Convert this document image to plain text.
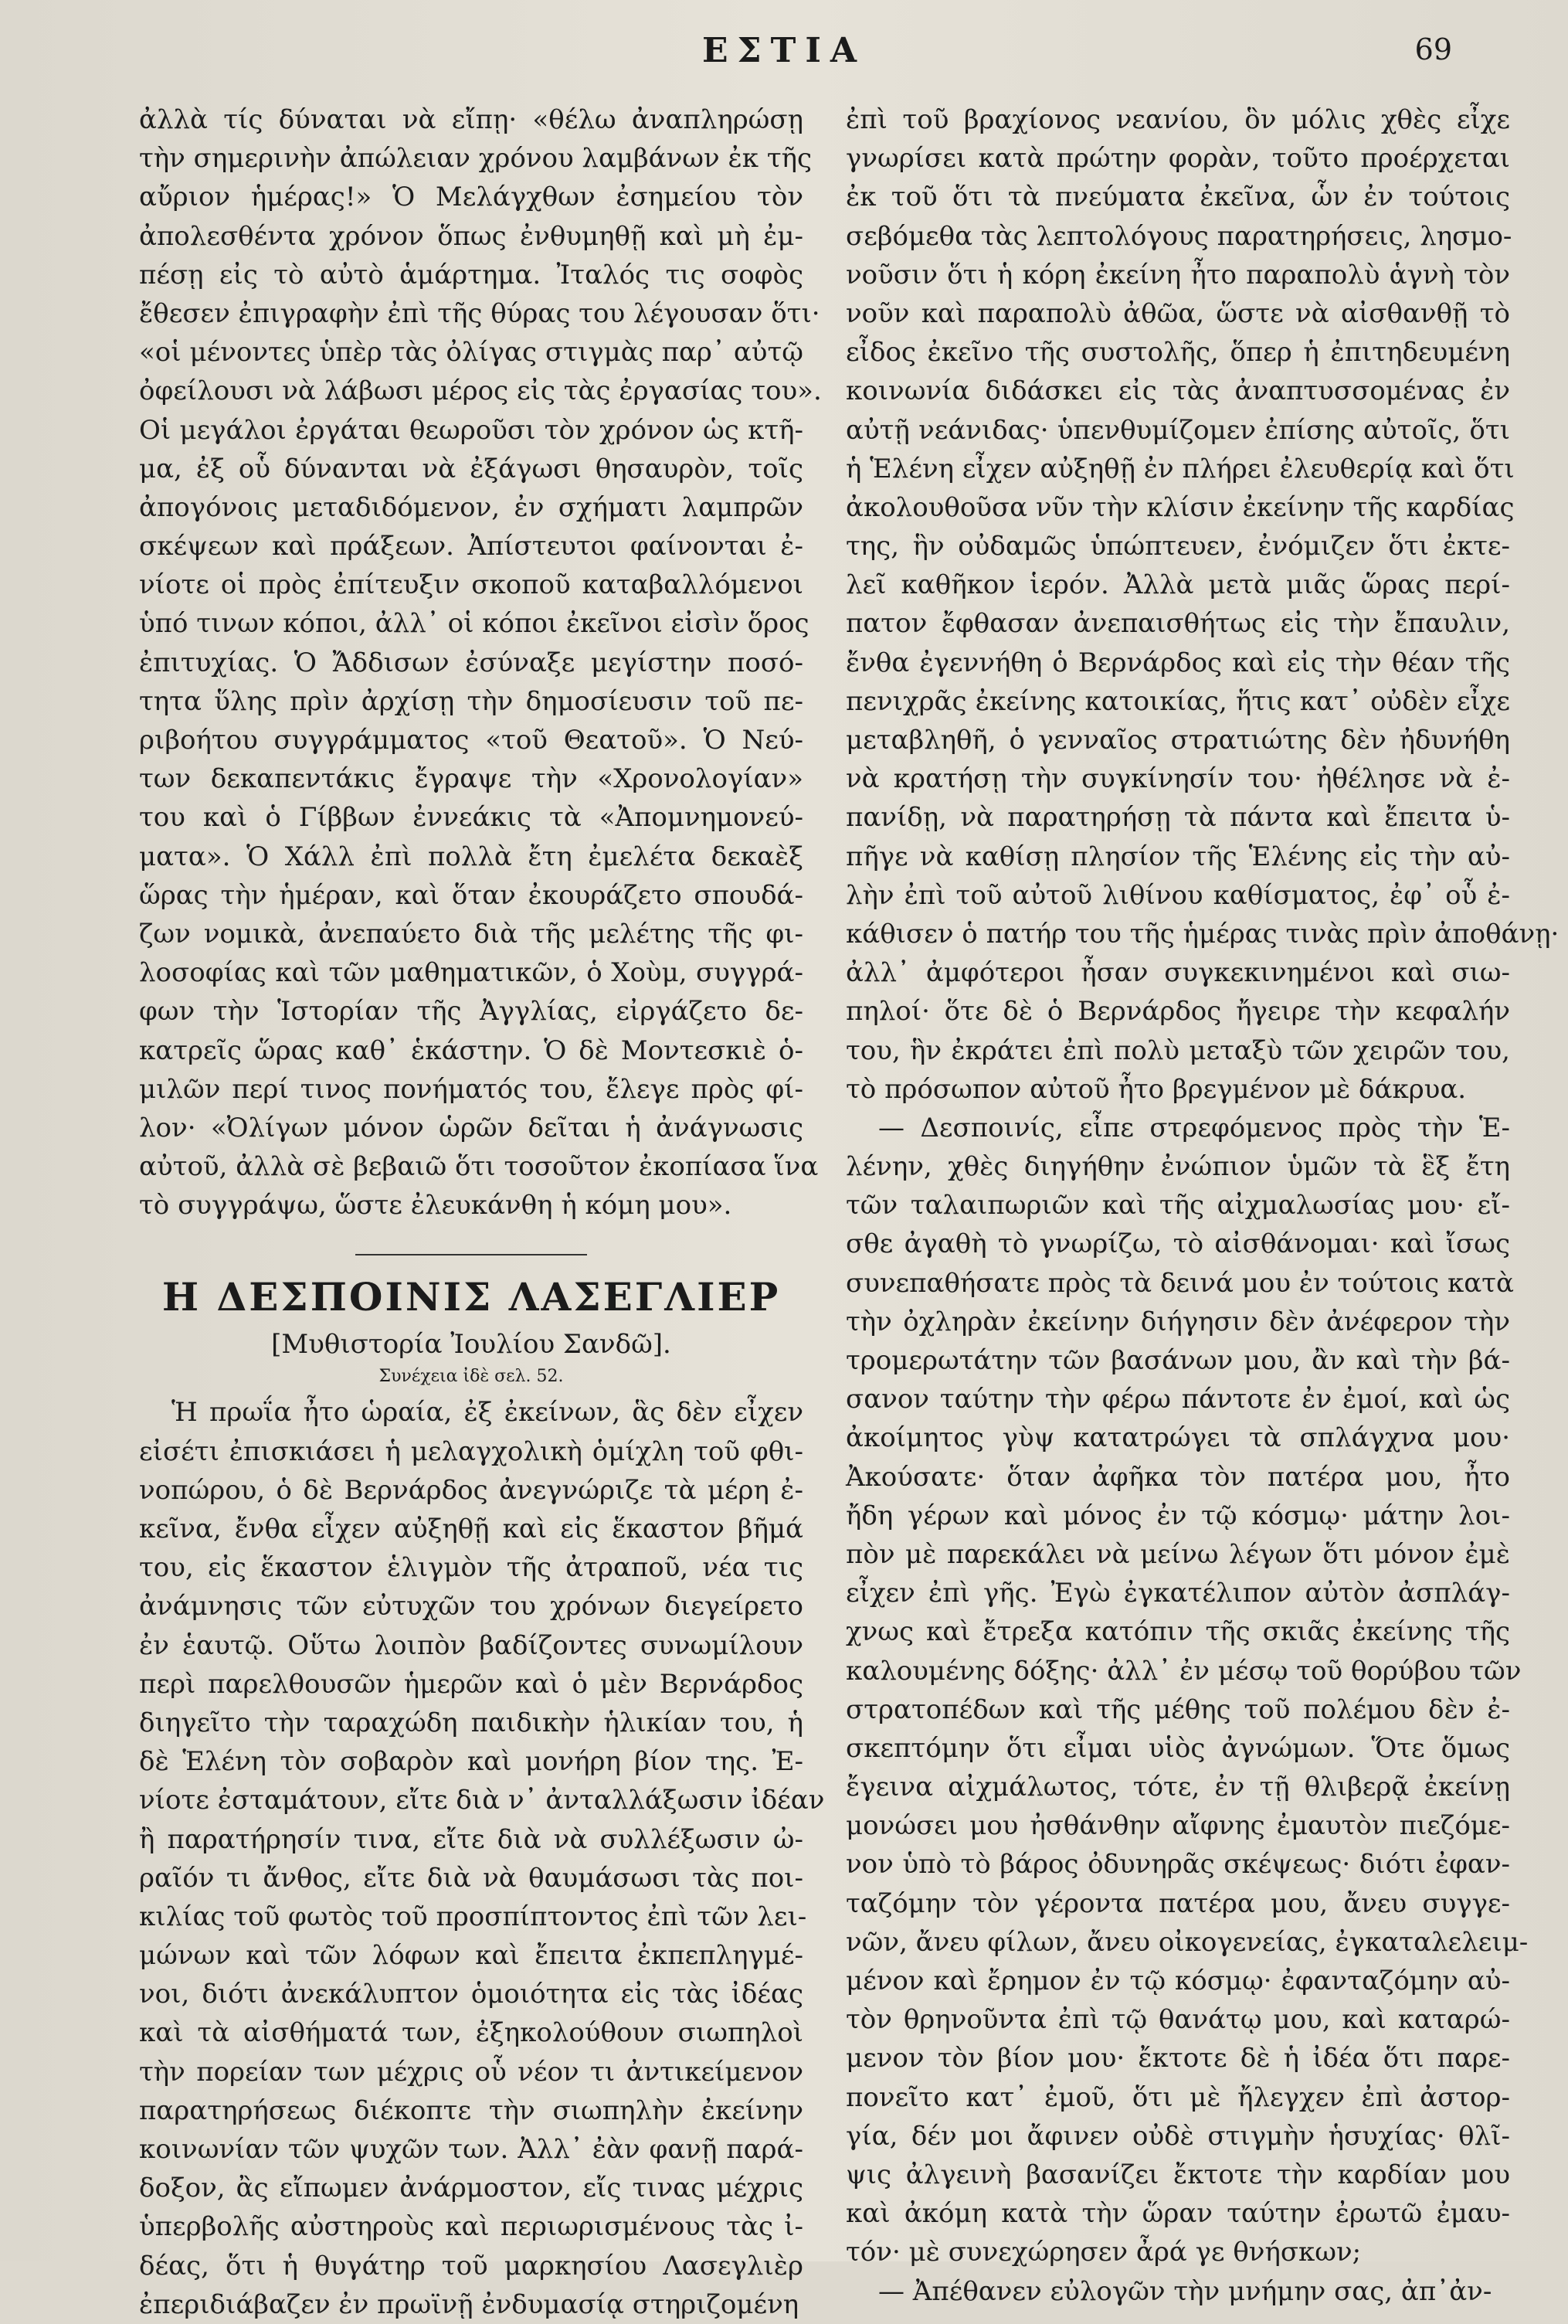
ΕΣΤΙΑ	69
ἀλλὰ τίς δύναται νὰ εἴπῃ· «θέλω ἀναπληρώσῃ
τὴν σημερινὴν ἀπώλειαν χρόνου λαμβάνων ἐκ τῆς
αὔριον ἡμέρας!» Ὁ Μελάγχθων ἐσημείου τὸν
ἀπολεσθέντα χρόνον ὅπως ἐνθυμηθῇ καὶ μὴ ἐμ-
πέσῃ εἰς τὸ αὐτὸ ἁμάρτημα. Ἰταλός τις σοφὸς
ἔθεσεν ἐπιγραφὴν ἐπὶ τῆς θύρας του λέγουσαν ὅτι·
«οἱ μένοντες ὑπὲρ τὰς ὀλίγας στιγμὰς παρ᾿ αὐτῷ
ὀφείλουσι νὰ λάβωσι μέρος εἰς τὰς ἐργασίας του».
Οἱ μεγάλοι ἐργάται θεωροῦσι τὸν χρόνον ὡς κτῆ-
μα, ἐξ οὗ δύνανται νὰ ἐξάγωσι θησαυρὸν, τοῖς
ἀπογόνοις μεταδιδόμενον, ἐν σχήματι λαμπρῶν
σκέψεων καὶ πράξεων. Ἀπίστευτοι φαίνονται ἐ-
νίοτε οἱ πρὸς ἐπίτευξιν σκοποῦ καταβαλλόμενοι
ὑπό τινων κόποι, ἀλλ᾿ οἱ κόποι ἐκεῖνοι εἰσὶν ὅρος
ἐπιτυχίας. Ὁ Ἄδδισων ἐσύναξε μεγίστην ποσό-
τητα ὕλης πρὶν ἀρχίσῃ τὴν δημοσίευσιν τοῦ πε-
ριβοήτου συγγράμματος «τοῦ Θεατοῦ». Ὁ Νεύ-
των δεκαπεντάκις ἔγραψε τὴν «Χρονολογίαν»
του καὶ ὁ Γίββων ἐννεάκις τὰ «Ἀπομνημονεύ-
ματα». Ὁ Χάλλ ἐπὶ πολλὰ ἔτη ἐμελέτα δεκαὲξ
ὥρας τὴν ἡμέραν, καὶ ὅταν ἐκουράζετο σπουδά-
ζων νομικὰ, ἀνεπαύετο διὰ τῆς μελέτης τῆς φι-
λοσοφίας καὶ τῶν μαθηματικῶν, ὁ Χοὺμ, συγγρά-
φων τὴν Ἱστορίαν τῆς Ἀγγλίας, εἰργάζετο δε-
κατρεῖς ὥρας καθ᾿ ἑκάστην. Ὁ δὲ Μοντεσκιὲ ὁ-
μιλῶν περί τινος πονήματός του, ἔλεγε πρὸς φί-
λον· «Ὀλίγων μόνον ὡρῶν δεῖται ἡ ἀνάγνωσις
αὐτοῦ, ἀλλὰ σὲ βεβαιῶ ὅτι τοσοῦτον ἐκοπίασα ἵνα
τὸ συγγράψω, ὥστε ἐλευκάνθη ἡ κόμη μου».
Η ΔΕΣΠΟΙΝΙΣ ΛΑΣΕΓΛΙΕΡ
[Μυθιστορία Ἰουλίου Σανδῶ].
Συνέχεια ἰδὲ σελ. 52.
Ἡ πρωΐα ἦτο ὡραία, ἐξ ἐκείνων, ἃς δὲν εἶχεν
εἰσέτι ἐπισκιάσει ἡ μελαγχολικὴ ὁμίχλη τοῦ φθι-
νοπώρου, ὁ δὲ Βερνάρδος ἀνεγνώριζε τὰ μέρη ἐ-
κεῖνα, ἔνθα εἶχεν αὐξηθῇ καὶ εἰς ἕκαστον βῆμά
του, εἰς ἕκαστον ἑλιγμὸν τῆς ἀτραποῦ, νέα τις
ἀνάμνησις τῶν εὐτυχῶν του χρόνων διεγείρετο
ἐν ἑαυτῷ. Οὕτω λοιπὸν βαδίζοντες συνωμίλουν
περὶ παρελθουσῶν ἡμερῶν καὶ ὁ μὲν Βερνάρδος
διηγεῖτο τὴν ταραχώδη παιδικὴν ἡλικίαν του, ἡ
δὲ Ἑλένη τὸν σοβαρὸν καὶ μονήρη βίον της. Ἐ-
νίοτε ἐσταμάτουν, εἴτε διὰ ν᾿ ἀνταλλάξωσιν ἰδέαν
ἢ παρατήρησίν τινα, εἴτε διὰ νὰ συλλέξωσιν ὠ-
ραῖόν τι ἄνθος, εἴτε διὰ νὰ θαυμάσωσι τὰς ποι-
κιλίας τοῦ φωτὸς τοῦ προσπίπτοντος ἐπὶ τῶν λει-
μώνων καὶ τῶν λόφων καὶ ἔπειτα ἐκπεπληγμέ-
νοι, διότι ἀνεκάλυπτον ὁμοιότητα εἰς τὰς ἰδέας
καὶ τὰ αἰσθήματά των, ἐξηκολούθουν σιωπηλοὶ
τὴν πορείαν των μέχρις οὗ νέον τι ἀντικείμενον
παρατηρήσεως διέκοπτε τὴν σιωπηλὴν ἐκείνην
κοινωνίαν τῶν ψυχῶν των. Ἀλλ᾿ ἐὰν φανῇ παρά-
δοξον, ἂς εἴπωμεν ἀνάρμοστον, εἴς τινας μέχρις
ὑπερβολῆς αὐστηροὺς καὶ περιωρισμένους τὰς ἰ-
δέας, ὅτι ἡ θυγάτηρ τοῦ μαρκησίου Λασεγλιὲρ
ἐπεριδιάβαζεν ἐν πρωϊνῇ ἐνδυμασίᾳ στηριζομένη
ἐπὶ τοῦ βραχίονος νεανίου, ὃν μόλις χθὲς εἶχε
γνωρίσει κατὰ πρώτην φορὰν, τοῦτο προέρχεται
ἐκ τοῦ ὅτι τὰ πνεύματα ἐκεῖνα, ὧν ἐν τούτοις
σεβόμεθα τὰς λεπτολόγους παρατηρήσεις, λησμο-
νοῦσιν ὅτι ἡ κόρη ἐκείνη ἦτο παραπολὺ ἁγνὴ τὸν
νοῦν καὶ παραπολὺ ἀθῶα, ὥστε νὰ αἰσθανθῇ τὸ
εἶδος ἐκεῖνο τῆς συστολῆς, ὅπερ ἡ ἐπιτηδευμένη
κοινωνία διδάσκει εἰς τὰς ἀναπτυσσομένας ἐν
αὐτῇ νεάνιδας· ὑπενθυμίζομεν ἐπίσης αὐτοῖς, ὅτι
ἡ Ἑλένη εἶχεν αὐξηθῇ ἐν πλήρει ἐλευθερίᾳ καὶ ὅτι
ἀκολουθοῦσα νῦν τὴν κλίσιν ἐκείνην τῆς καρδίας
της, ἣν οὐδαμῶς ὑπώπτευεν, ἐνόμιζεν ὅτι ἐκτε-
λεῖ καθῆκον ἱερόν. Ἀλλὰ μετὰ μιᾶς ὥρας περί-
πατον ἔφθασαν ἀνεπαισθήτως εἰς τὴν ἔπαυλιν,
ἔνθα ἐγεννήθη ὁ Βερνάρδος καὶ εἰς τὴν θέαν τῆς
πενιχρᾶς ἐκείνης κατοικίας, ἥτις κατ᾿ οὐδὲν εἶχε
μεταβληθῆ, ὁ γενναῖος στρατιώτης δὲν ἠδυνήθη
νὰ κρατήσῃ τὴν συγκίνησίν του· ἠθέλησε νὰ ἐ-
πανίδῃ, νὰ παρατηρήσῃ τὰ πάντα καὶ ἔπειτα ὑ-
πῆγε νὰ καθίσῃ πλησίον τῆς Ἑλένης εἰς τὴν αὐ-
λὴν ἐπὶ τοῦ αὐτοῦ λιθίνου καθίσματος, ἐφ᾿ οὗ ἐ-
κάθισεν ὁ πατήρ του τῆς ἡμέρας τινὰς πρὶν ἀποθάνῃ·
ἀλλ᾿ ἀμφότεροι ἦσαν συγκεκινημένοι καὶ σιω-
πηλοί· ὅτε δὲ ὁ Βερνάρδος ἤγειρε τὴν κεφαλήν
του, ἣν ἐκράτει ἐπὶ πολὺ μεταξὺ τῶν χειρῶν του,
τὸ πρόσωπον αὐτοῦ ἦτο βρεγμένον μὲ δάκρυα.
— Δεσποινίς, εἶπε στρεφόμενος πρὸς τὴν Ἑ-
λένην, χθὲς διηγήθην ἐνώπιον ὑμῶν τὰ ἓξ ἔτη
τῶν ταλαιπωριῶν καὶ τῆς αἰχμαλωσίας μου· εἴ-
σθε ἀγαθὴ τὸ γνωρίζω, τὸ αἰσθάνομαι· καὶ ἴσως
συνεπαθήσατε πρὸς τὰ δεινά μου ἐν τούτοις κατὰ
τὴν ὀχληρὰν ἐκείνην διήγησιν δὲν ἀνέφερον τὴν
τρομερωτάτην τῶν βασάνων μου, ἂν καὶ τὴν βά-
σανον ταύτην τὴν φέρω πάντοτε ἐν ἐμοί, καὶ ὡς
ἀκοίμητος γὺψ κατατρώγει τὰ σπλάγχνα μου·
Ἀκούσατε· ὅταν ἀφῆκα τὸν πατέρα μου, ἦτο
ἤδη γέρων καὶ μόνος ἐν τῷ κόσμῳ· μάτην λοι-
πὸν μὲ παρεκάλει νὰ μείνω λέγων ὅτι μόνον ἐμὲ
εἶχεν ἐπὶ γῆς. Ἐγὼ ἐγκατέλιπον αὐτὸν ἀσπλάγ-
χνως καὶ ἔτρεξα κατόπιν τῆς σκιᾶς ἐκείνης τῆς
καλουμένης δόξης· ἀλλ᾿ ἐν μέσῳ τοῦ θορύβου τῶν
στρατοπέδων καὶ τῆς μέθης τοῦ πολέμου δὲν ἐ-
σκεπτόμην ὅτι εἶμαι υἱὸς ἀγνώμων. Ὅτε ὅμως
ἔγεινα αἰχμάλωτος, τότε, ἐν τῇ θλιβερᾷ ἐκείνῃ
μονώσει μου ἠσθάνθην αἴφνης ἐμαυτὸν πιεζόμε-
νον ὑπὸ τὸ βάρος ὀδυνηρᾶς σκέψεως· διότι ἐφαν-
ταζόμην τὸν γέροντα πατέρα μου, ἄνευ συγγε-
νῶν, ἄνευ φίλων, ἄνευ οἰκογενείας, ἐγκαταλελειμ-
μένον καὶ ἔρημον ἐν τῷ κόσμῳ· ἐφανταζόμην αὐ-
τὸν θρηνοῦντα ἐπὶ τῷ θανάτῳ μου, καὶ καταρώ-
μενον τὸν βίον μου· ἔκτοτε δὲ ἡ ἰδέα ὅτι παρε-
πονεῖτο κατ᾿ ἐμοῦ, ὅτι μὲ ἤλεγχεν ἐπὶ ἀστορ-
γία, δέν μοι ἄφινεν οὐδὲ στιγμὴν ἡσυχίας· θλῖ-
ψις ἀλγεινὴ βασανίζει ἔκτοτε τὴν καρδίαν μου
καὶ ἀκόμη κατὰ τὴν ὥραν ταύτην ἐρωτῶ ἐμαυ-
τόν· μὲ συνεχώρησεν ἆρά γε θνήσκων;
— Ἀπέθανεν εὐλογῶν τὴν μνήμην σας, ἀπ᾿ἀν-
